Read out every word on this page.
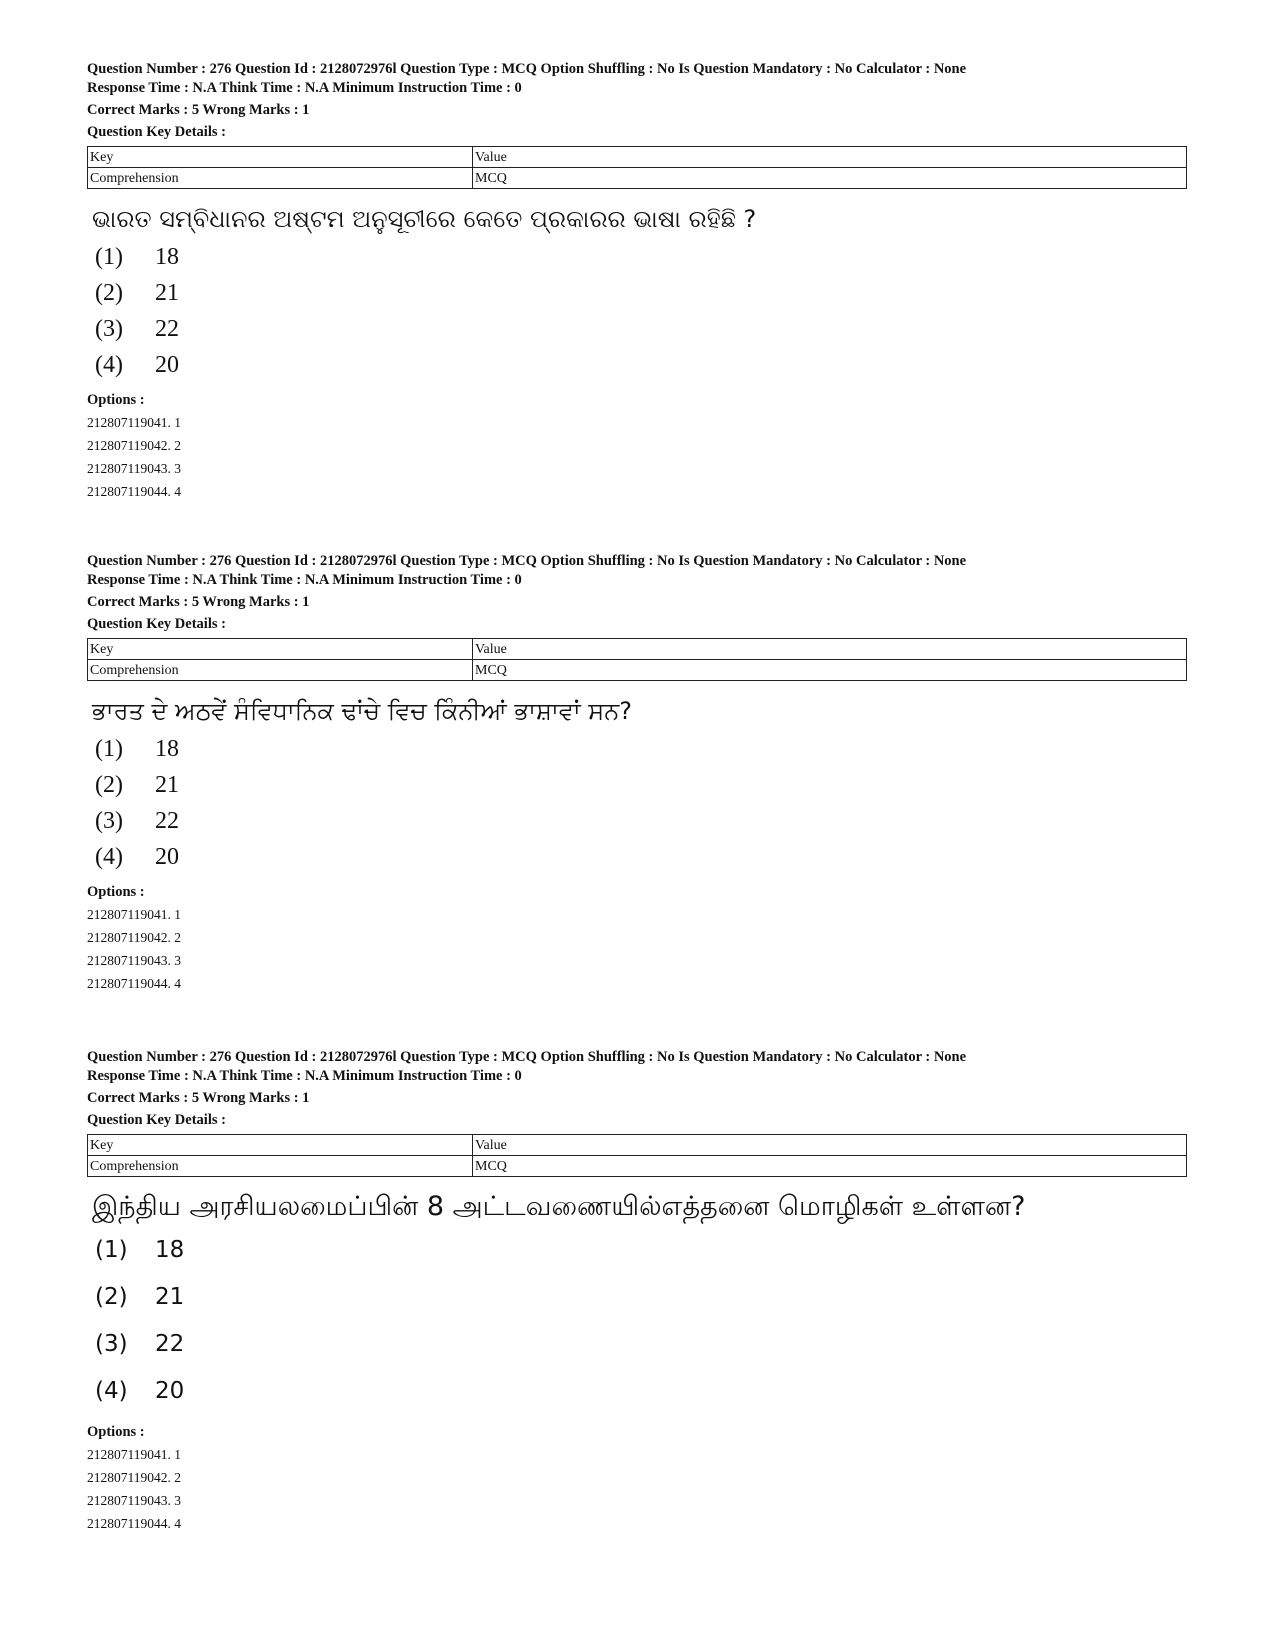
Question Number : 276 Question Id : 2128072976l Question Type : MCQ Option Shuffling : No Is Question Mandatory : No Calculator : None
Response Time : N.A Think Time : N.A Minimum Instruction Time : 0
Correct Marks : 5 Wrong Marks : 1
Question Key Details :
Key	Value
Comprehension	MCQ
ଭାରତ ସମ୍ବିଧାନର ଅଷ୍ଟମ ଅନୁସୂଚୀରେ କେତେ ପ୍ରକାରର ଭାଷା ରହିଛି ?
(1) 18
(2) 21
(3) 22
(4) 20
Options :
212807119041. 1
212807119042. 2
212807119043. 3
212807119044. 4
Question Number : 276 Question Id : 2128072976l Question Type : MCQ Option Shuffling : No Is Question Mandatory : No Calculator : None
Response Time : N.A Think Time : N.A Minimum Instruction Time : 0
Correct Marks : 5 Wrong Marks : 1
Question Key Details :
Key	Value
Comprehension	MCQ
ਭਾਰਤ ਦੇ ਅਠਵੇਂ ਸੰਵਿਧਾਨਿਕ ਢਾਂਚੇ ਵਿਚ ਕਿੰਨੀਆਂ ਭਾਸ਼ਾਵਾਂ ਸਨ?
(1) 18
(2) 21
(3) 22
(4) 20
Options :
212807119041. 1
212807119042. 2
212807119043. 3
212807119044. 4
Question Number : 276 Question Id : 2128072976l Question Type : MCQ Option Shuffling : No Is Question Mandatory : No Calculator : None
Response Time : N.A Think Time : N.A Minimum Instruction Time : 0
Correct Marks : 5 Wrong Marks : 1
Question Key Details :
Key	Value
Comprehension	MCQ
இந்திய அரசியலமைப்பின் 8 அட்டவணையில்எத்தனை மொழிகள் உள்ளன?
(1) 18
(2) 21
(3) 22
(4) 20
Options :
212807119041. 1
212807119042. 2
212807119043. 3
212807119044. 4
